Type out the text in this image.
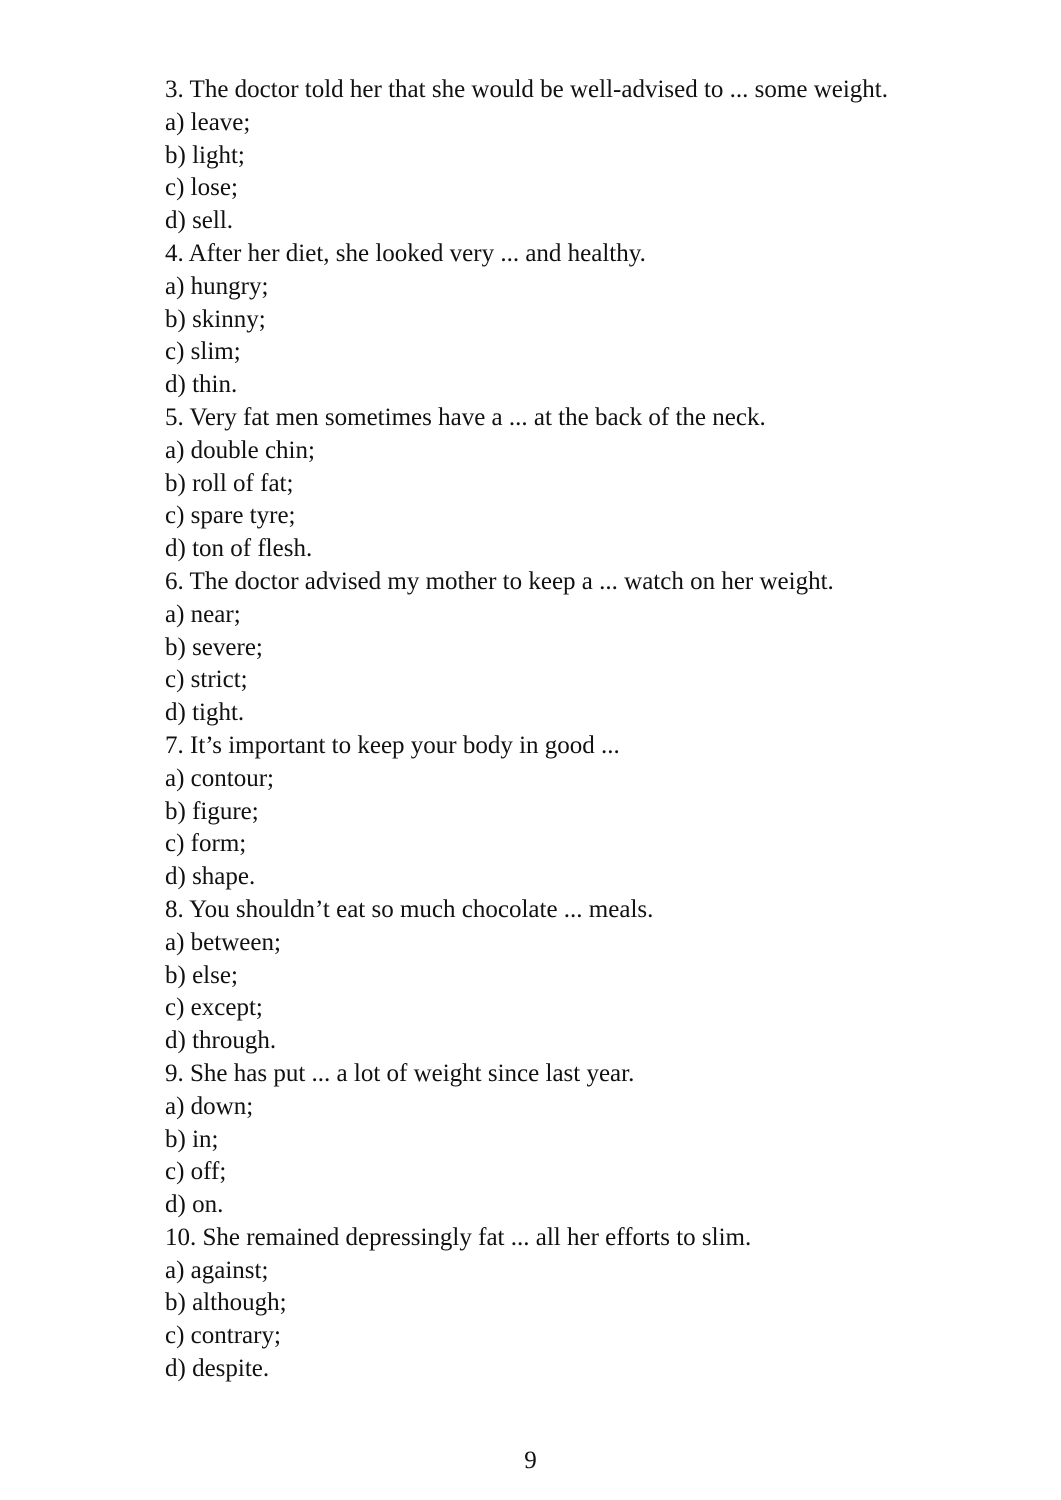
3. The doctor told her that she would be well-advised to ... some weight.
a) leave;
b) light;
c) lose;
d) sell.
4. After her diet, she looked very ... and healthy.
a) hungry;
b) skinny;
c) slim;
d) thin.
5. Very fat men sometimes have a ... at the back of the neck.
a) double chin;
b) roll of fat;
c) spare tyre;
d) ton of flesh.
6. The doctor advised my mother to keep a ... watch on her weight.
a) near;
b) severe;
c) strict;
d) tight.
7. It’s important to keep your body in good ...
a) contour;
b) figure;
c) form;
d) shape.
8. You shouldn’t eat so much chocolate ... meals.
a) between;
b) else;
c) except;
d) through.
9. She has put ... a lot of weight since last year.
a) down;
b) in;
c) off;
d) on.
10. She remained depressingly fat ... all her efforts to slim.
a) against;
b) although;
c) contrary;
d) despite.
9
